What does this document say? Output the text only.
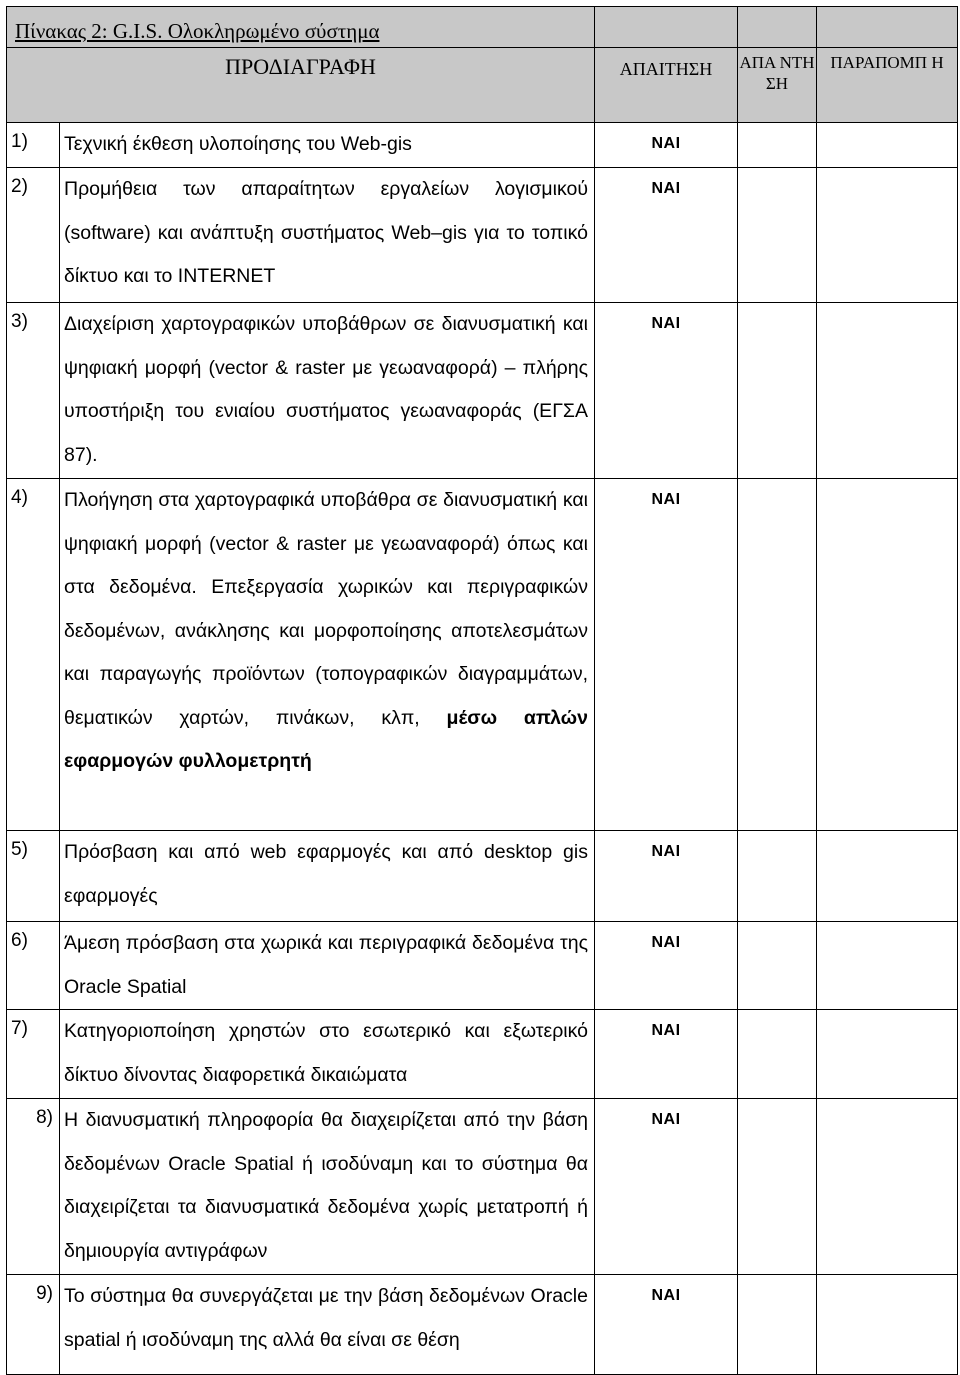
Πίνακας 2: G.I.S. Ολοκληρωμένο σύστημα				

ΠΡΟΔΙΑΓΡΑΦΗ		ΑΠΑΙΤΗΣΗ	ΑΠΑ ΝΤΗ ΣΗ	ΠΑΡΑΠΟΜΠ Η

1)	Τεχνική έκθεση υλοποίησης του Web-gis	ΝΑΙ		

2)	Προμήθεια των απαραίτητων εργαλείων λογισμικού (software) και ανάπτυξη συστήματος Web–gis για το τοπικό δίκτυο και το INTERNET	ΝΑΙ		

3)	Διαχείριση χαρτογραφικών υποβάθρων σε διανυσματική και ψηφιακή μορφή (vector & raster με γεωαναφορά) – πλήρης υποστήριξη του ενιαίου συστήματος γεωαναφοράς (ΕΓΣΑ 87).	ΝΑΙ		

4)	Πλοήγηση στα χαρτογραφικά υποβάθρα σε διανυσματική και ψηφιακή μορφή (vector & raster με γεωαναφορά) όπως και στα δεδομένα. Επεξεργασία χωρικών και περιγραφικών δεδομένων, ανάκλησης και μορφοποίησης αποτελεσμάτων και παραγωγής προϊόντων (τοπογραφικών διαγραμμάτων, θεματικών χαρτών, πινάκων, κλπ, μέσω απλών εφαρμογών φυλλομετρητή	ΝΑΙ		

5)	Πρόσβαση και από web εφαρμογές και από desktop gis εφαρμογές	ΝΑΙ		

6)	Άμεση πρόσβαση στα χωρικά και περιγραφικά δεδομένα της Oracle Spatial	ΝΑΙ		

7)	Κατηγοριοποίηση χρηστών στο εσωτερικό και εξωτερικό δίκτυο δίνοντας διαφορετικά δικαιώματα	ΝΑΙ		

8)	Η διανυσματική πληροφορία θα διαχειρίζεται από την βάση δεδομένων Oracle Spatial ή ισοδύναμη και το σύστημα θα διαχειρίζεται τα διανυσματικά δεδομένα χωρίς μετατροπή ή δημιουργία αντιγράφων	ΝΑΙ		

9)	Το σύστημα θα συνεργάζεται με την βάση δεδομένων Oracle spatial ή ισοδύναμη της αλλά θα είναι σε θέση	ΝΑΙ		
